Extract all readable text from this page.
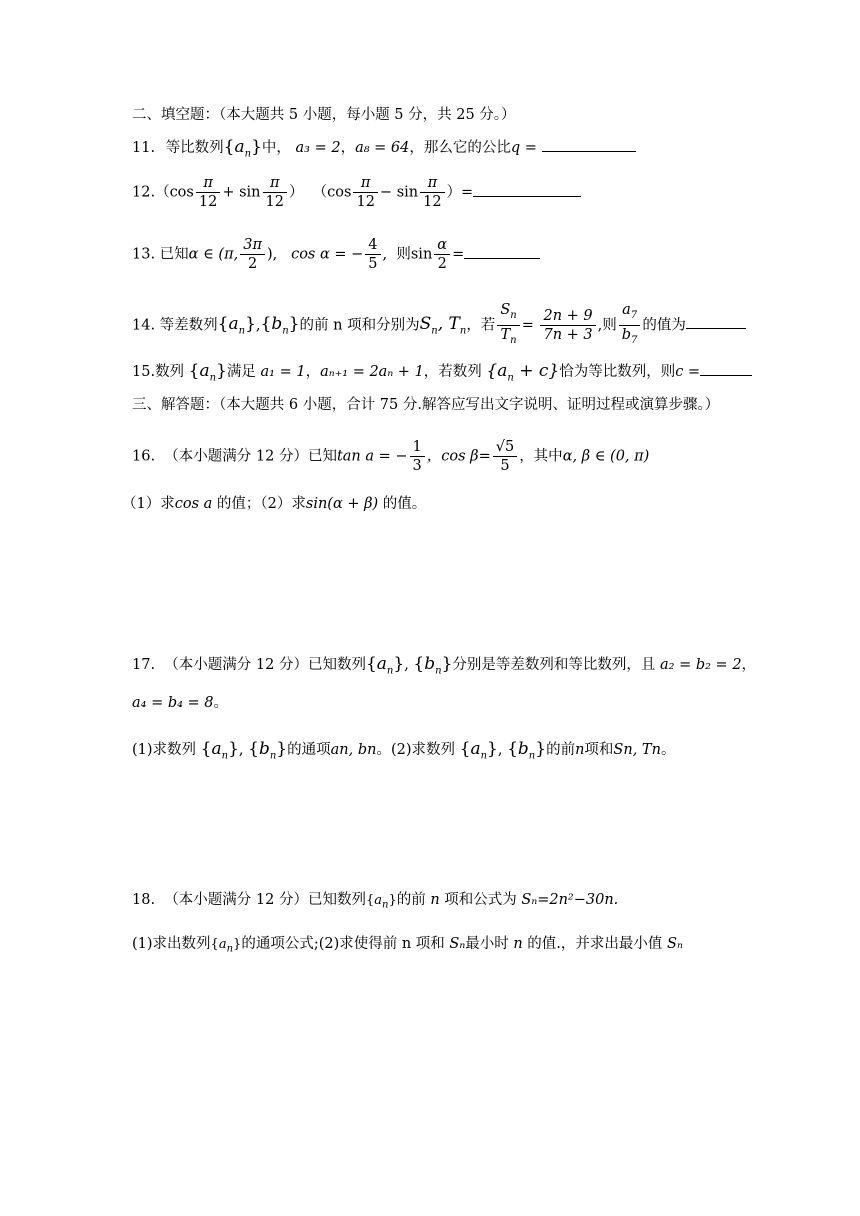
二、填空题：（本大题共 5 小题，每小题 5 分，共 25 分。）
11. 等比数列$\{a_n\}$中， a₃ = 2，a₈ = 64，那么它的公比q =
$12.(\cos \frac{\pi}{12} + \sin \frac{\pi}{12}$ ）  （$\cos \frac{\pi}{12} - \sin \frac{\pi}{12}$ ）=
13. 已知α ∈ (π, $\frac{3\pi}{2}$ ),   cos α = − $\frac{4}{5}$ ,  则$\sin \frac{\alpha}{2}$ =
14. 等差数列$\{a_n\},\{b_n\}$的前 n 项和分别为$S_n$, $T_n$，若 $\frac{S_n}{T_n} = \frac{2n + 9}{7n + 3}$ ,则 $\frac{a_7}{b_7}$ 的值为
15.数列 $\{a_n\}$满足 a₁ = 1，aₙ₊₁ = 2aₙ + 1，若数列 $\{a_n + c\}$恰为等比数列，则c =
三、解答题：（本大题共 6 小题，合计 75 分.解答应写出文字说明、证明过程或演算步骤。）
16. （本小题满分 12 分）已知tan a = − $\frac{1}{3}$ ，$\cos \beta= \frac{√5}{5}$ ，其中α, β ∈ (0, π)
（1）求cos a 的值；（2）求sin(α + β) 的值。
17. （本小题满分 12 分）已知数列$\{a_n\}$, $\{b_n\}$分别是等差数列和等比数列，且 a₂ = b₂ = 2，
a₄ = b₄ = 8。
(1)求数列 $\{a_n\}$, $\{b_n\}$的通项an, bn。(2)求数列 $\{a_n\}$, $\{b_n\}$的前n项和Sn, Tn。
18. （本小题满分 12 分）已知数列$\{a_n\}$的前 n 项和公式为 Sₙ=2n²−30n.
(1)求出数列$\{a_n\}$的通项公式;(2)求使得前 n 项和 Sₙ最小时 n 的值.，并求出最小值 Sₙ
